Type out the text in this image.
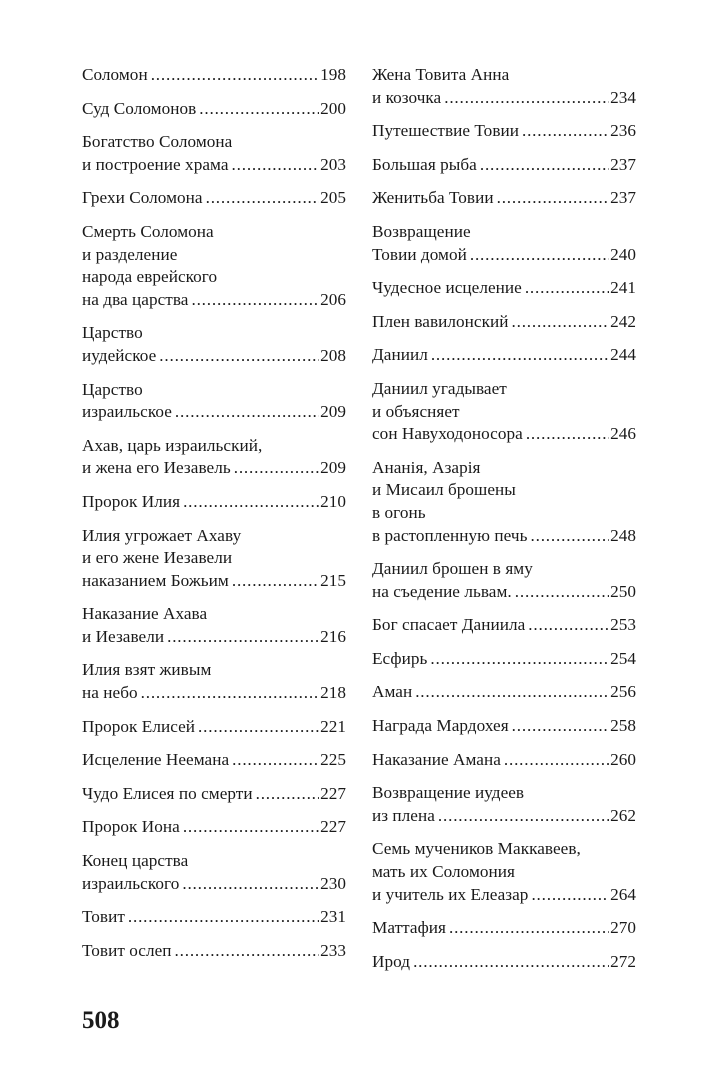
Соломон .....	198
Суд Соломонов .....	200
Богатство Соломона
и построение храма .....	203
Грехи Соломона .....	205
Смерть Соломона
и разделение
народа еврейского
на два царства .....	206
Царство
иудейское .....	208
Царство
израильское .....	209
Ахав, царь израильский,
и жена его Иезавель .....	209
Пророк Илия .....	210
Илия угрожает Ахаву
и его жене Иезавели
наказанием Божьим .....	215
Наказание Ахава
и Иезавели .....	216
Илия взят живым
на небо .....	218
Пророк Елисей .....	221
Исцеление Неемана .....	225
Чудо Елисея по смерти .....	227
Пророк Иона .....	227
Конец царства
израильского .....	230
Товит .....	231
Товит ослеп .....	233
Жена Товита Анна
и козочка .....	234
Путешествие Товии .....	236
Большая рыба .....	237
Женитьба Товии .....	237
Возвращение
Товии домой .....	240
Чудесное исцеление .....	241
Плен вавилонский .....	242
Даниил .....	244
Даниил угадывает
и объясняет
сон Навуходоносора .....	246
Ананія, Азарія
и Мисаил брошены
в огонь
в растопленную печь .....	248
Даниил брошен в яму
на съедение львам. .....	250
Бог спасает Даниила .....	253
Есфирь .....	254
Аман .....	256
Награда Мардохея .....	258
Наказание Амана .....	260
Возвращение иудеев
из плена .....	262
Семь мучеников Маккавеев,
мать их Соломония
и учитель их Елеазар .....	264
Маттафия .....	270
Ирод .....	272
508
